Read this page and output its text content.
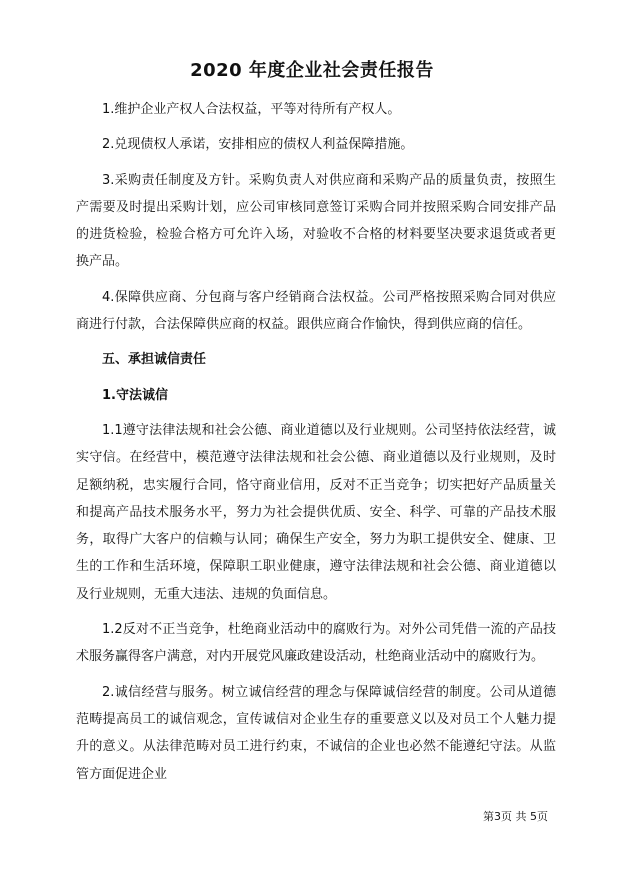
2020 年度企业社会责任报告

1.维护企业产权人合法权益，平等对待所有产权人。

2.兑现债权人承诺，安排相应的债权人利益保障措施。

3.采购责任制度及方针。采购负责人对供应商和采购产品的质量负责，按照生产需要及时提出采购计划，应公司审核同意签订采购合同并按照采购合同安排产品的进货检验，检验合格方可允许入场，对验收不合格的材料要坚决要求退货或者更换产品。

4.保障供应商、分包商与客户经销商合法权益。公司严格按照采购合同对供应商进行付款，合法保障供应商的权益。跟供应商合作愉快，得到供应商的信任。

五、承担诚信责任

1.守法诚信

1.1遵守法律法规和社会公德、商业道德以及行业规则。公司坚持依法经营，诚实守信。在经营中，模范遵守法律法规和社会公德、商业道德以及行业规则，及时足额纳税，忠实履行合同，恪守商业信用，反对不正当竞争；切实把好产品质量关和提高产品技术服务水平，努力为社会提供优质、安全、科学、可靠的产品技术服务，取得广大客户的信赖与认同；确保生产安全，努力为职工提供安全、健康、卫生的工作和生活环境，保障职工职业健康，遵守法律法规和社会公德、商业道德以及行业规则，无重大违法、违规的负面信息。

1.2反对不正当竞争，杜绝商业活动中的腐败行为。对外公司凭借一流的产品技术服务赢得客户满意，对内开展党风廉政建设活动，杜绝商业活动中的腐败行为。

2.诚信经营与服务。树立诚信经营的理念与保障诚信经营的制度。公司从道德范畴提高员工的诚信观念，宣传诚信对企业生存的重要意义以及对员工个人魅力提升的意义。从法律范畴对员工进行约束，不诚信的企业也必然不能遵纪守法。从监管方面促进企业

第3页 共 5页
